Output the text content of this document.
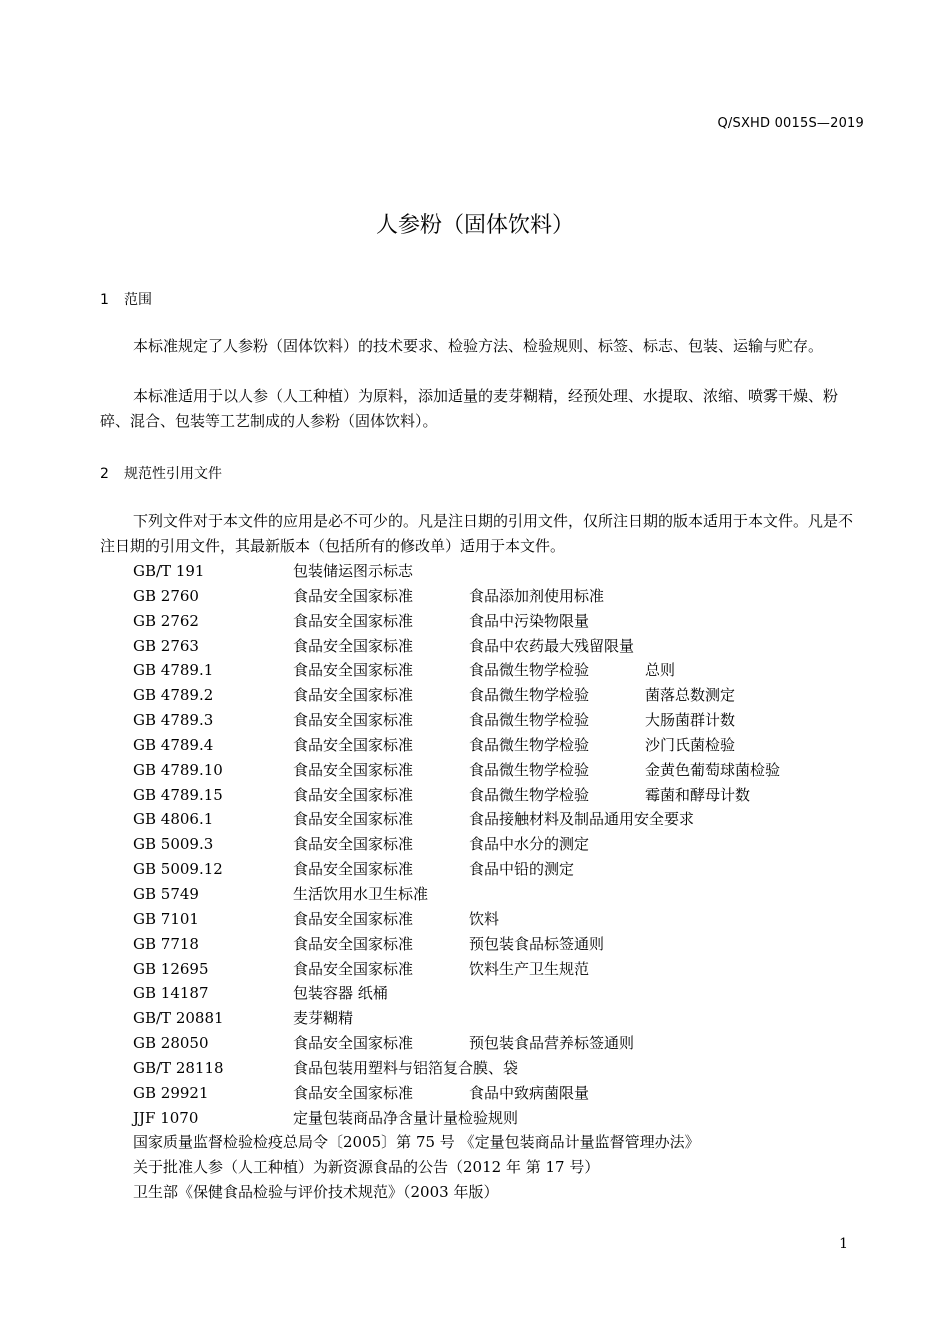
Q/SXHD 0015S—2019
人参粉（固体饮料）
1 范围
本标准规定了人参粉（固体饮料）的技术要求、检验方法、检验规则、标签、标志、包装、运输与贮存。
本标准适用于以人参（人工种植）为原料，添加适量的麦芽糊精，经预处理、水提取、浓缩、喷雾干燥、粉碎、混合、包装等工艺制成的人参粉（固体饮料）。
2 规范性引用文件
下列文件对于本文件的应用是必不可少的。凡是注日期的引用文件，仅所注日期的版本适用于本文件。凡是不注日期的引用文件，其最新版本（包括所有的修改单）适用于本文件。
GB/T 191	包装储运图示标志
GB 2760	食品安全国家标准	食品添加剂使用标准
GB 2762	食品安全国家标准	食品中污染物限量
GB 2763	食品安全国家标准	食品中农药最大残留限量
GB 4789.1	食品安全国家标准	食品微生物学检验	总则
GB 4789.2	食品安全国家标准	食品微生物学检验	菌落总数测定
GB 4789.3	食品安全国家标准	食品微生物学检验	大肠菌群计数
GB 4789.4	食品安全国家标准	食品微生物学检验	沙门氏菌检验
GB 4789.10	食品安全国家标准	食品微生物学检验	金黄色葡萄球菌检验
GB 4789.15	食品安全国家标准	食品微生物学检验	霉菌和酵母计数
GB 4806.1	食品安全国家标准	食品接触材料及制品通用安全要求
GB 5009.3	食品安全国家标准	食品中水分的测定
GB 5009.12	食品安全国家标准	食品中铅的测定
GB 5749	生活饮用水卫生标准
GB 7101	食品安全国家标准	饮料
GB 7718	食品安全国家标准	预包装食品标签通则
GB 12695	食品安全国家标准	饮料生产卫生规范
GB 14187	包装容器 纸桶
GB/T 20881	麦芽糊精
GB 28050	食品安全国家标准	预包装食品营养标签通则
GB/T 28118	食品包装用塑料与铝箔复合膜、袋
GB 29921	食品安全国家标准	食品中致病菌限量
JJF 1070	定量包装商品净含量计量检验规则
国家质量监督检验检疫总局令〔2005〕第 75 号 《定量包装商品计量监督管理办法》
关于批准人参（人工种植）为新资源食品的公告（2012 年 第 17 号）
卫生部《保健食品检验与评价技术规范》（2003 年版）
1
